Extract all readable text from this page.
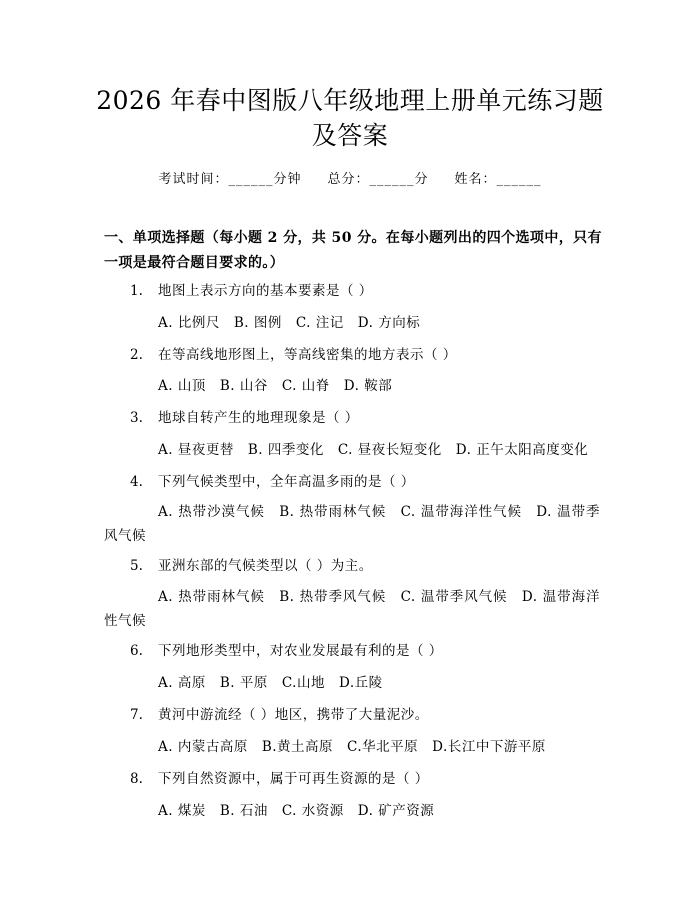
2026 年春中图版八年级地理上册单元练习题
及答案
考试时间：______分钟 总分：______分 姓名：______
一、单项选择题（每小题 2 分，共 50 分。在每小题列出的四个选项中，只有一项是最符合题目要求的。）
1. 地图上表示方向的基本要素是（ ）
A. 比例尺　B. 图例　C. 注记　D. 方向标
2. 在等高线地形图上，等高线密集的地方表示（ ）
A. 山顶　B. 山谷　C. 山脊　D. 鞍部
3. 地球自转产生的地理现象是（ ）
A. 昼夜更替　B. 四季变化　C. 昼夜长短变化　D. 正午太阳高度变化
4. 下列气候类型中，全年高温多雨的是（ ）
A. 热带沙漠气候　B. 热带雨林气候　C. 温带海洋性气候　D. 温带季风气候
5. 亚洲东部的气候类型以（ ）为主。
A. 热带雨林气候　B. 热带季风气候　C. 温带季风气候　D. 温带海洋性气候
6. 下列地形类型中，对农业发展最有利的是（ ）
A. 高原　B. 平原　C.山地　D.丘陵
7. 黄河中游流经（ ）地区，携带了大量泥沙。
A. 内蒙古高原　B.黄土高原　C.华北平原　D.长江中下游平原
8. 下列自然资源中，属于可再生资源的是（ ）
A. 煤炭　B. 石油　C. 水资源　D. 矿产资源
